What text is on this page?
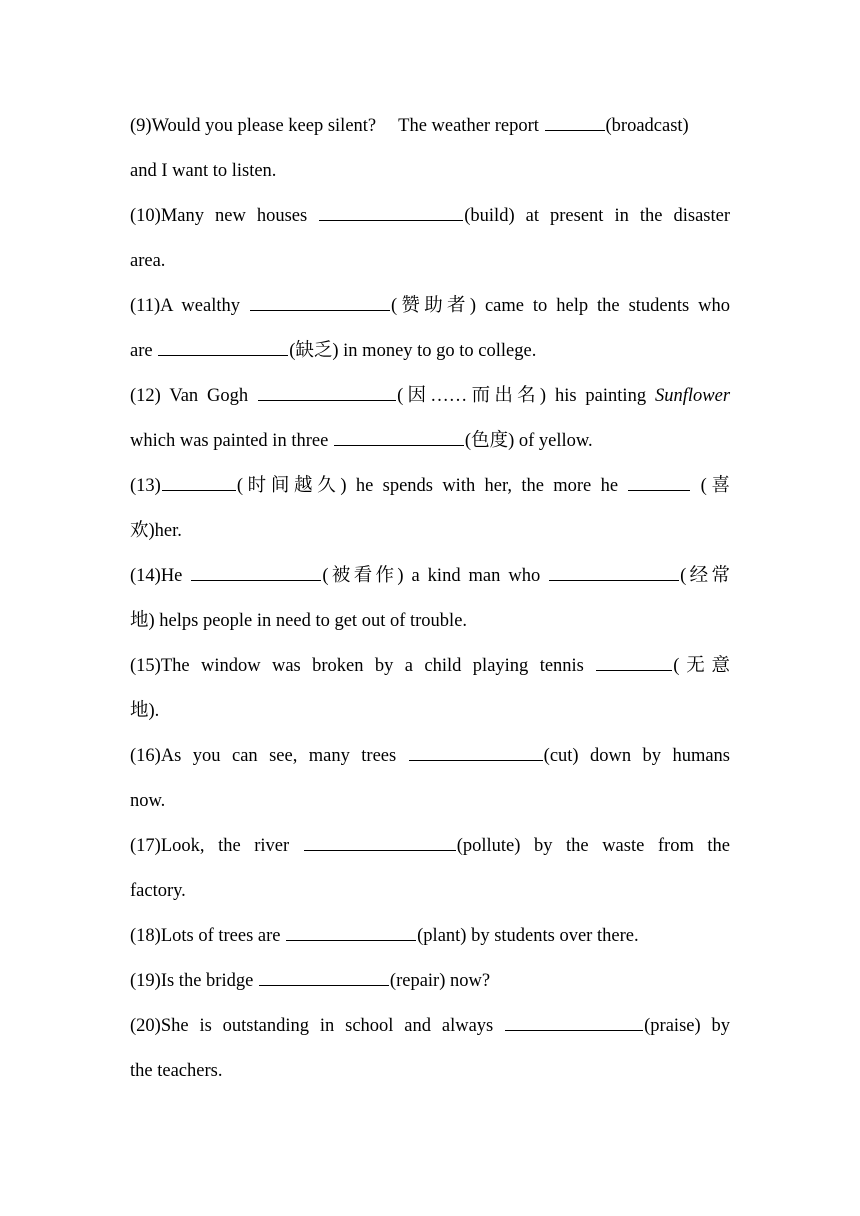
(9)Would you please keep silent? The weather report	(broadcast)
and I want to listen.
(10)Many new houses	(build) at present in the disaster
area.
(11)A wealthy	(赞助者) came to help the students who
are	(缺乏) in money to go to college.
(12) Van Gogh	(因……而出名) his painting Sunflower
which was painted in three	(色度) of yellow.
(13)	(时间越久) he spends with her, the more he	(喜
欢)her.
(14)He	(被看作) a kind man who	(经常
地) helps people in need to get out of trouble.
(15)The window was broken by a child playing tennis	(无意
地).
(16)As you can see, many trees	(cut) down by humans
now.
(17)Look, the river	(pollute) by the waste from the
factory.
(18)Lots of trees are	(plant) by students over there.
(19)Is the bridge	(repair) now?
(20)She is outstanding in school and always	(praise) by
the teachers.
